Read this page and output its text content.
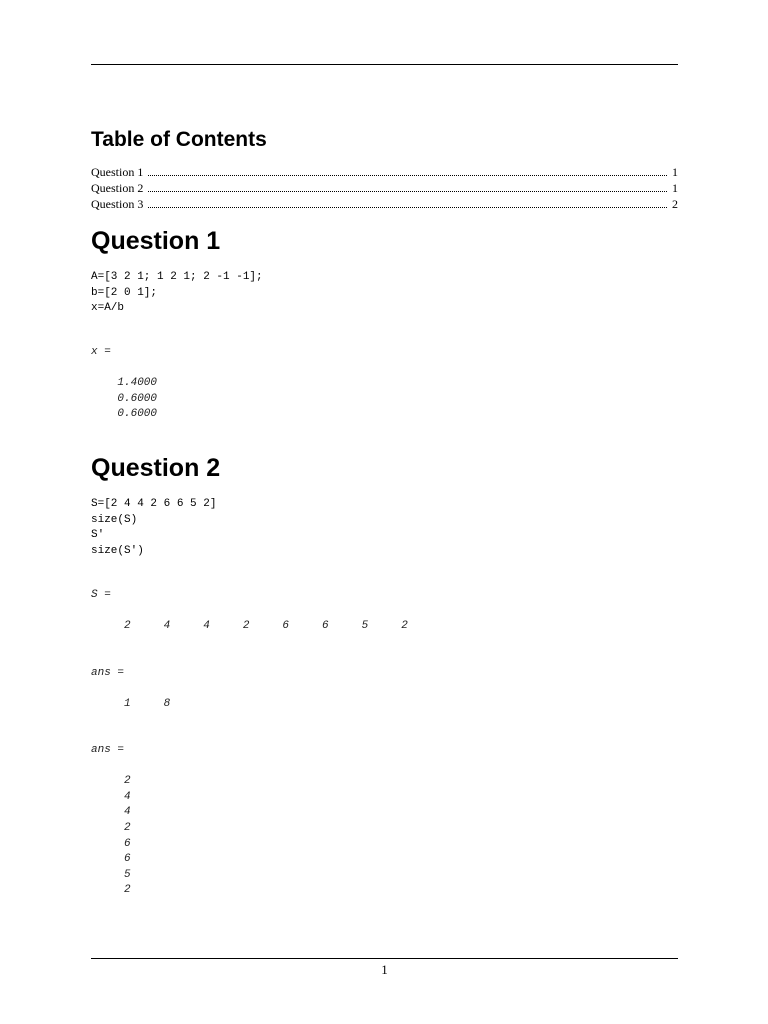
Table of Contents
Question 1	1
Question 2	1
Question 3	2
Question 1
A=[3 2 1; 1 2 1; 2 -1 -1];
b=[2 0 1];
x=A/b
x =

1.4000
0.6000
0.6000
Question 2
S=[2 4 4 2 6 6 5 2]
size(S)
S'
size(S')
S =

2     4     4     2     6     6     5     2
ans =

1     8
ans =

2
4
4
2
6
6
5
2
1
